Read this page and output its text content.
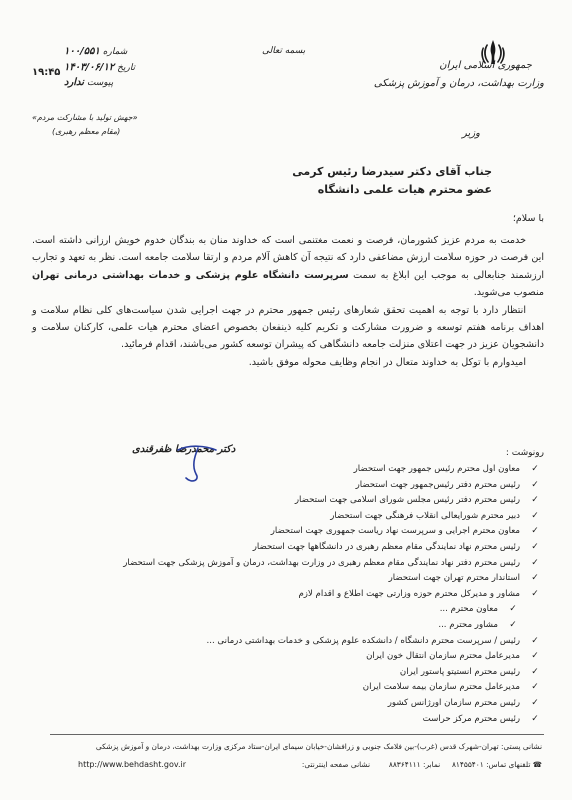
جمهوری اسلامی ایران
وزارت بهداشت، درمان و آموزش پزشکی
وزیر
بسمه تعالی
شماره ۱۰۰/۵۵۱
تاریخ ۱۴۰۳/۰۶/۱۲
۱۹:۴۵
پیوست ندارد
«جهش تولید با مشارکت مردم»
(مقام معظم رهبری)
جناب آقای دکتر سیدرضا رئیس کرمی
عضو محترم هیات علمی دانشگاه
با سلام؛

خدمت به مردم عزیز کشورمان، فرصت و نعمت مغتنمی است که خداوند منان به بندگان خدوم خویش ارزانی داشته است. این فرصت در حوزه سلامت ارزش مضاعفی دارد که نتیجه آن کاهش آلام مردم و ارتقا سلامت جامعه است. نظر به تعهد و تجارب ارزشمند جنابعالی به موجب این ابلاغ به سمت سرپرست دانشگاه علوم پزشکی و خدمات بهداشتی درمانی تهران منصوب می‌شوید.

انتظار دارد با توجه به اهمیت تحقق شعارهای رئیس جمهور محترم در جهت اجرایی شدن سیاست‌های کلی نظام سلامت و اهداف برنامه هفتم توسعه و ضرورت مشارکت و تکریم کلیه ذینفعان بخصوص اعضای محترم هیات علمی، کارکنان سلامت و دانشجویان عزیز در جهت اعتلای منزلت جامعه دانشگاهی که پیشران توسعه کشور می‌باشند، اقدام فرمائید.

امیدوارم با توکل به خداوند متعال در انجام وظایف محوله موفق باشید.

دکتر محمدرضا ظفرقندی	رونوشت :
✓معاون اول محترم رئیس جمهور جهت استحضار
✓رئیس محترم دفتر رئیس‌جمهور جهت استحضار
✓رئیس محترم دفتر رئیس مجلس شورای اسلامی جهت استحضار
✓دبیر محترم شورایعالی انقلاب فرهنگی جهت استحضار
✓معاون محترم اجرایی و سرپرست نهاد ریاست جمهوری جهت استحضار
✓رئیس محترم نهاد نمایندگی مقام معظم رهبری در دانشگاهها جهت استحضار
✓رئیس محترم دفتر نهاد نمایندگی مقام معظم رهبری در وزارت بهداشت، درمان و آموزش پزشکی جهت استحضار
✓استاندار محترم تهران جهت استحضار
✓مشاور و مدیرکل محترم حوزه وزارتی جهت اطلاع و اقدام لازم
✓معاون محترم ...
✓مشاور محترم ...
✓رئیس / سرپرست محترم دانشگاه / دانشکده علوم پزشکی و خدمات بهداشتی درمانی ...
✓مدیرعامل محترم سازمان انتقال خون ایران
✓رئیس محترم انستیتو پاستور ایران
✓مدیرعامل محترم سازمان بیمه سلامت ایران
✓رئیس محترم سازمان اورژانس کشور
✓رئیس محترم مرکز حراست
نشانی پستی: تهران-شهرک قدس (غرب)-بین فلامک جنوبی و زرافشان-خیابان سیمای ایران-ستاد مرکزی وزارت بهداشت، درمان و آموزش پزشکی
☎ تلفنهای تماس: ۸۱۴۵۵۴۰۱     نمابر: ۸۸۳۶۴۱۱۱        نشانی صفحه اینترنتی:
http://www.behdasht.gov.ir
